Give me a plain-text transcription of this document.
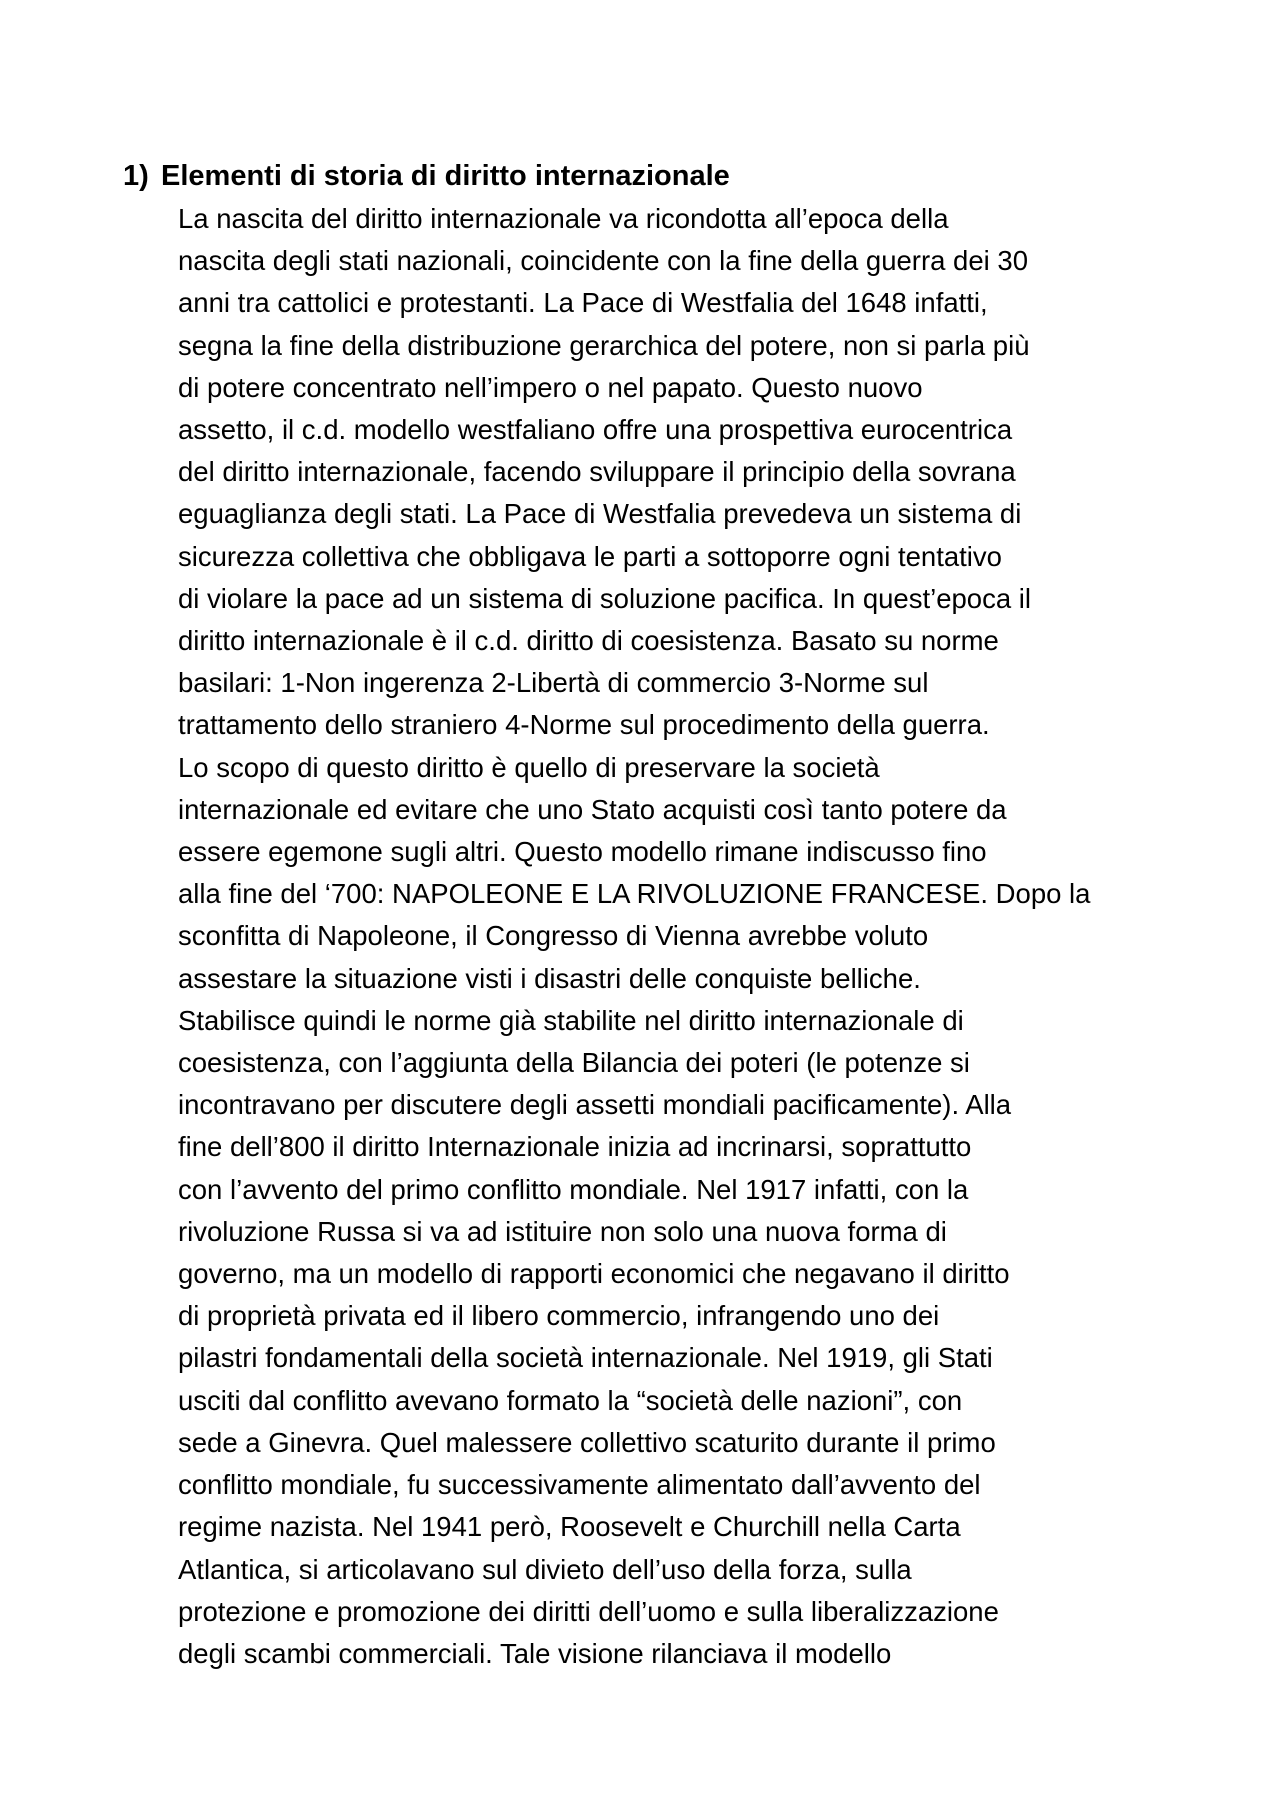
1) Elementi di storia di diritto internazionale

La nascita del diritto internazionale va ricondotta all’epoca della
nascita degli stati nazionali, coincidente con la fine della guerra dei 30
anni tra cattolici e protestanti. La Pace di Westfalia del 1648 infatti,
segna la fine della distribuzione gerarchica del potere, non si parla più
di potere concentrato nell’impero o nel papato. Questo nuovo
assetto, il c.d. modello westfaliano offre una prospettiva eurocentrica
del diritto internazionale, facendo sviluppare il principio della sovrana
eguaglianza degli stati. La Pace di Westfalia prevedeva un sistema di
sicurezza collettiva che obbligava le parti a sottoporre ogni tentativo
di violare la pace ad un sistema di soluzione pacifica. In quest’epoca il
diritto internazionale è il c.d. diritto di coesistenza. Basato su norme
basilari: 1-Non ingerenza 2-Libertà di commercio 3-Norme sul
trattamento dello straniero 4-Norme sul procedimento della guerra.
Lo scopo di questo diritto è quello di preservare la società
internazionale ed evitare che uno Stato acquisti così tanto potere da
essere egemone sugli altri. Questo modello rimane indiscusso fino
alla fine del ‘700: NAPOLEONE E LA RIVOLUZIONE FRANCESE. Dopo la
sconfitta di Napoleone, il Congresso di Vienna avrebbe voluto
assestare la situazione visti i disastri delle conquiste belliche.
Stabilisce quindi le norme già stabilite nel diritto internazionale di
coesistenza, con l’aggiunta della Bilancia dei poteri (le potenze si
incontravano per discutere degli assetti mondiali pacificamente). Alla
fine dell’800 il diritto Internazionale inizia ad incrinarsi, soprattutto
con l’avvento del primo conflitto mondiale. Nel 1917 infatti, con la
rivoluzione Russa si va ad istituire non solo una nuova forma di
governo, ma un modello di rapporti economici che negavano il diritto
di proprietà privata ed il libero commercio, infrangendo uno dei
pilastri fondamentali della società internazionale. Nel 1919, gli Stati
usciti dal conflitto avevano formato la “società delle nazioni”, con
sede a Ginevra. Quel malessere collettivo scaturito durante il primo
conflitto mondiale, fu successivamente alimentato dall’avvento del
regime nazista. Nel 1941 però, Roosevelt e Churchill nella Carta
Atlantica, si articolavano sul divieto dell’uso della forza, sulla
protezione e promozione dei diritti dell’uomo e sulla liberalizzazione
degli scambi commerciali. Tale visione rilanciava il modello
